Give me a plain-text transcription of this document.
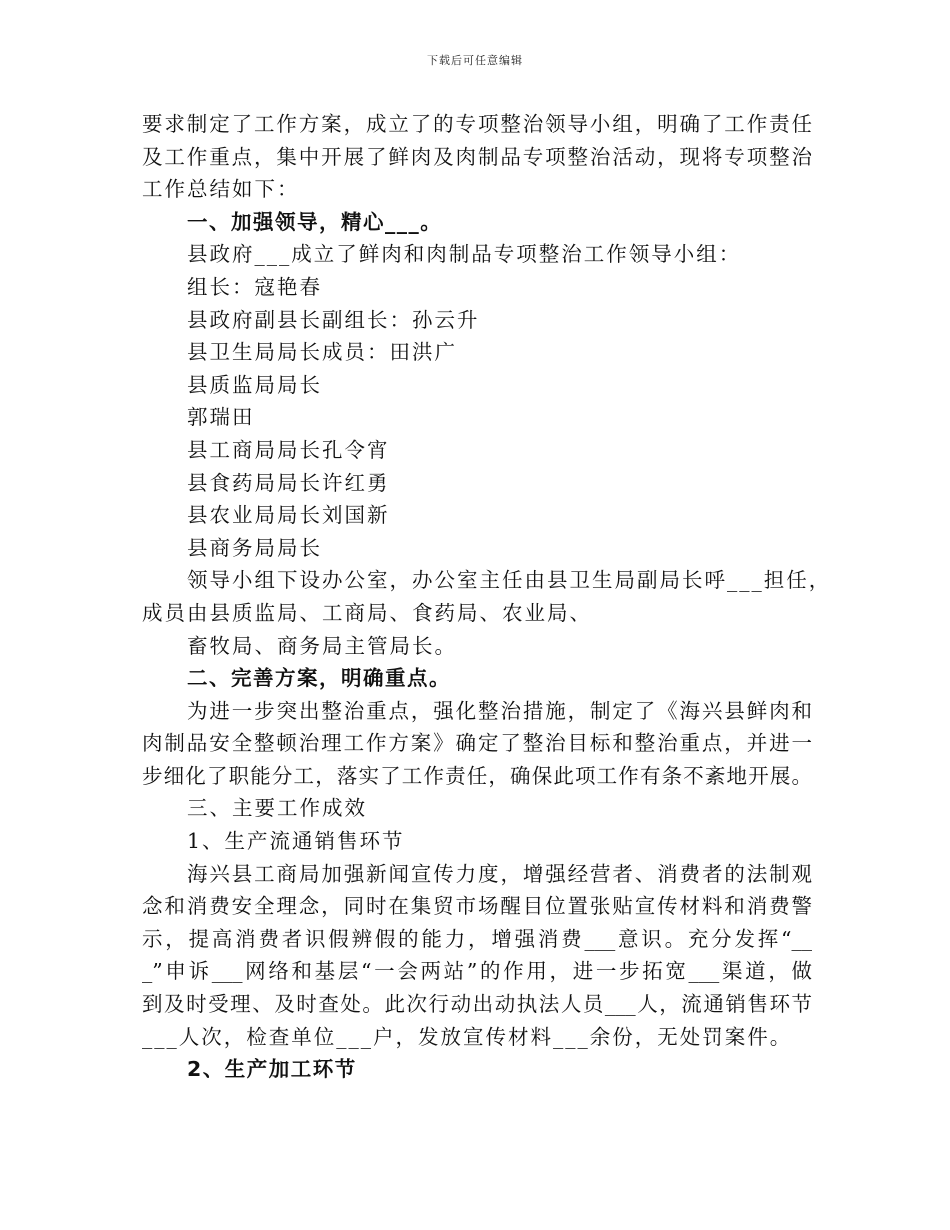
下载后可任意编辑
要求制定了工作方案，成立了的专项整治领导小组，明确了工作责任
及工作重点，集中开展了鲜肉及肉制品专项整治活动，现将专项整治
工作总结如下：
一、加强领导，精心___。
县政府___成立了鲜肉和肉制品专项整治工作领导小组：
组长：寇艳春
县政府副县长副组长：孙云升
县卫生局局长成员：田洪广
县质监局局长
郭瑞田
县工商局局长孔令宵
县食药局局长许红勇
县农业局局长刘国新
县商务局局长
领导小组下设办公室，办公室主任由县卫生局副局长呼___担任，
成员由县质监局、工商局、食药局、农业局、
畜牧局、商务局主管局长。
二、完善方案，明确重点。
为进一步突出整治重点，强化整治措施，制定了《海兴县鲜肉和
肉制品安全整顿治理工作方案》确定了整治目标和整治重点，并进一
步细化了职能分工，落实了工作责任，确保此项工作有条不紊地开展。
三、主要工作成效
1、生产流通销售环节
海兴县工商局加强新闻宣传力度，增强经营者、消费者的法制观
念和消费安全理念，同时在集贸市场醒目位置张贴宣传材料和消费警
示，提高消费者识假辨假的能力，增强消费___意识。充分发挥“__
_”申诉___网络和基层“一会两站”的作用，进一步拓宽___渠道，做
到及时受理、及时查处。此次行动出动执法人员___人，流通销售环节
___人次，检查单位___户，发放宣传材料___余份，无处罚案件。
2、生产加工环节
